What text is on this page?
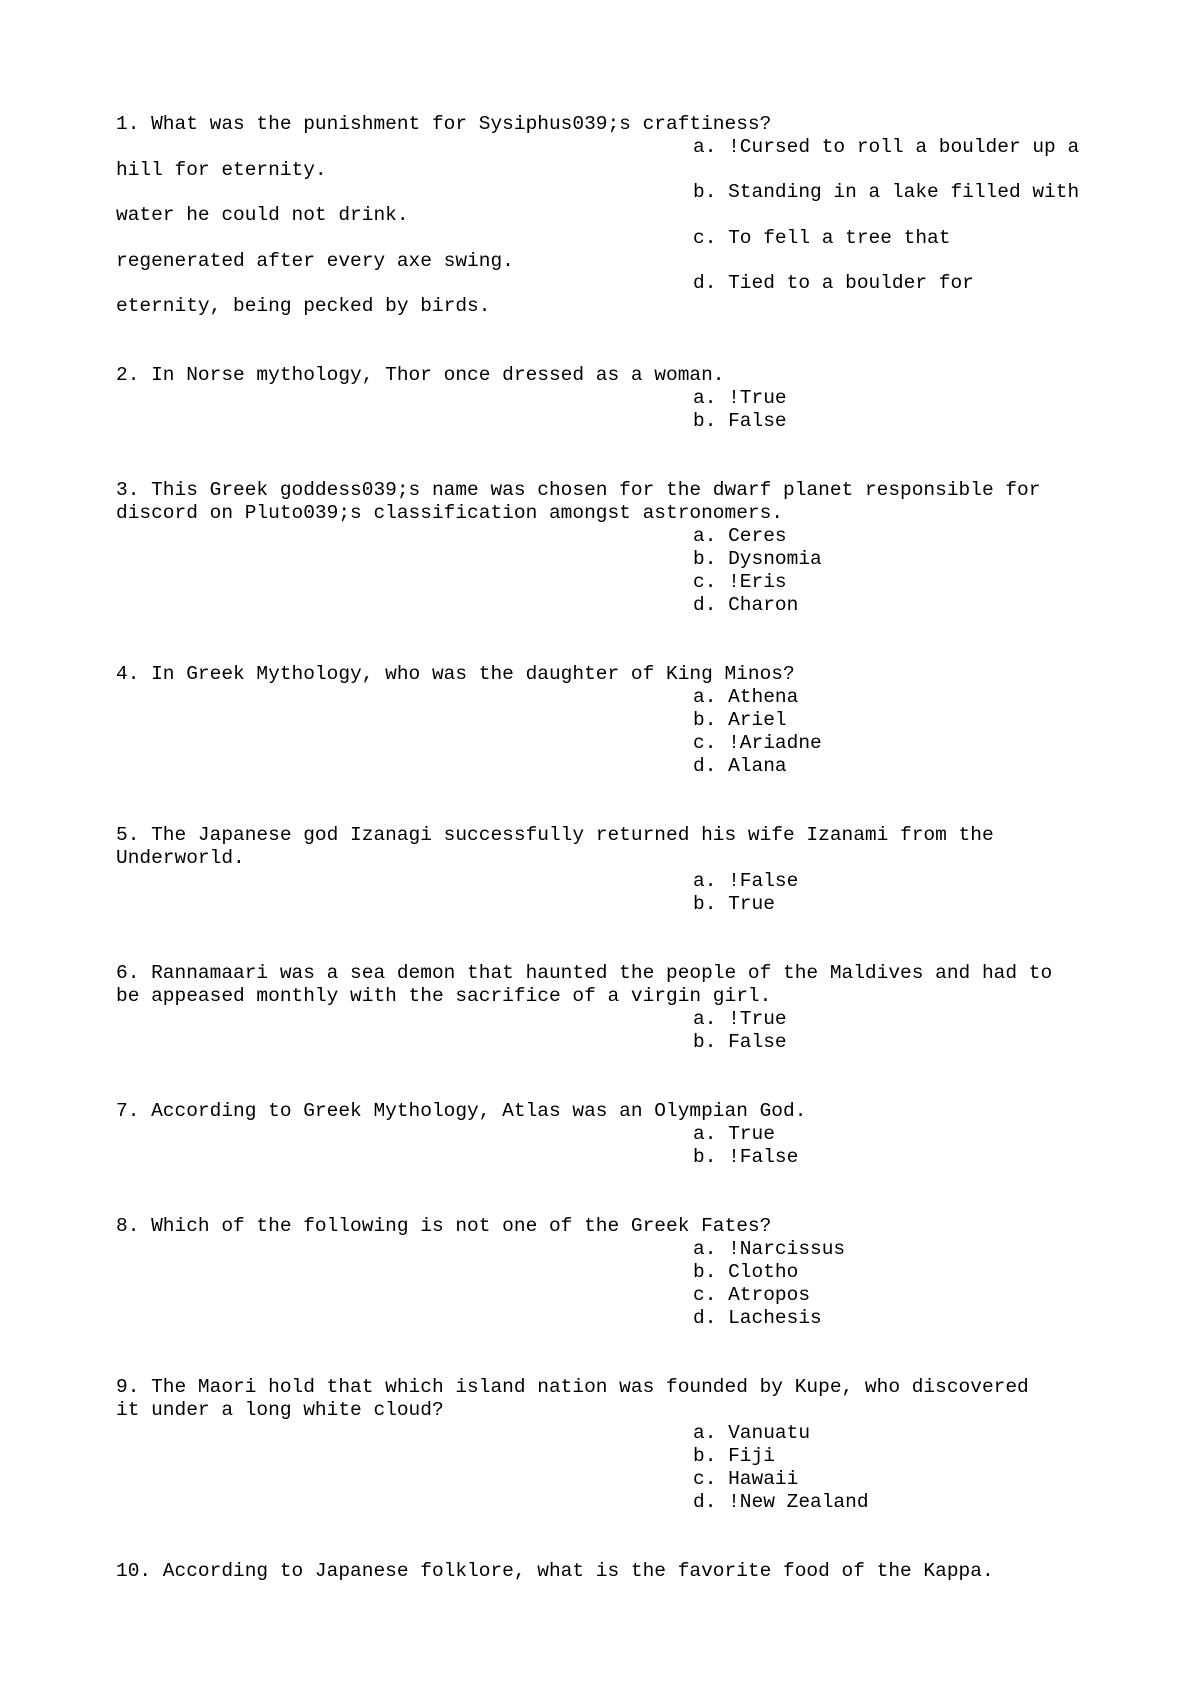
1. What was the punishment for Sysiphus039;s craftiness?
a. !Cursed to roll a boulder up a
hill for eternity.
b. Standing in a lake filled with
water he could not drink.
c. To fell a tree that
regenerated after every axe swing.
d. Tied to a boulder for
eternity, being pecked by birds.
2. In Norse mythology, Thor once dressed as a woman.
a. !True
b. False
3. This Greek goddess039;s name was chosen for the dwarf planet responsible for
discord on Pluto039;s classification amongst astronomers.
a. Ceres
b. Dysnomia
c. !Eris
d. Charon
4. In Greek Mythology, who was the daughter of King Minos?
a. Athena
b. Ariel
c. !Ariadne
d. Alana
5. The Japanese god Izanagi successfully returned his wife Izanami from the
Underworld.
a. !False
b. True
6. Rannamaari was a sea demon that haunted the people of the Maldives and had to
be appeased monthly with the sacrifice of a virgin girl.
a. !True
b. False
7. According to Greek Mythology, Atlas was an Olympian God.
a. True
b. !False
8. Which of the following is not one of the Greek Fates?
a. !Narcissus
b. Clotho
c. Atropos
d. Lachesis
9. The Maori hold that which island nation was founded by Kupe, who discovered
it under a long white cloud?
a. Vanuatu
b. Fiji
c. Hawaii
d. !New Zealand
10. According to Japanese folklore, what is the favorite food of the Kappa.
